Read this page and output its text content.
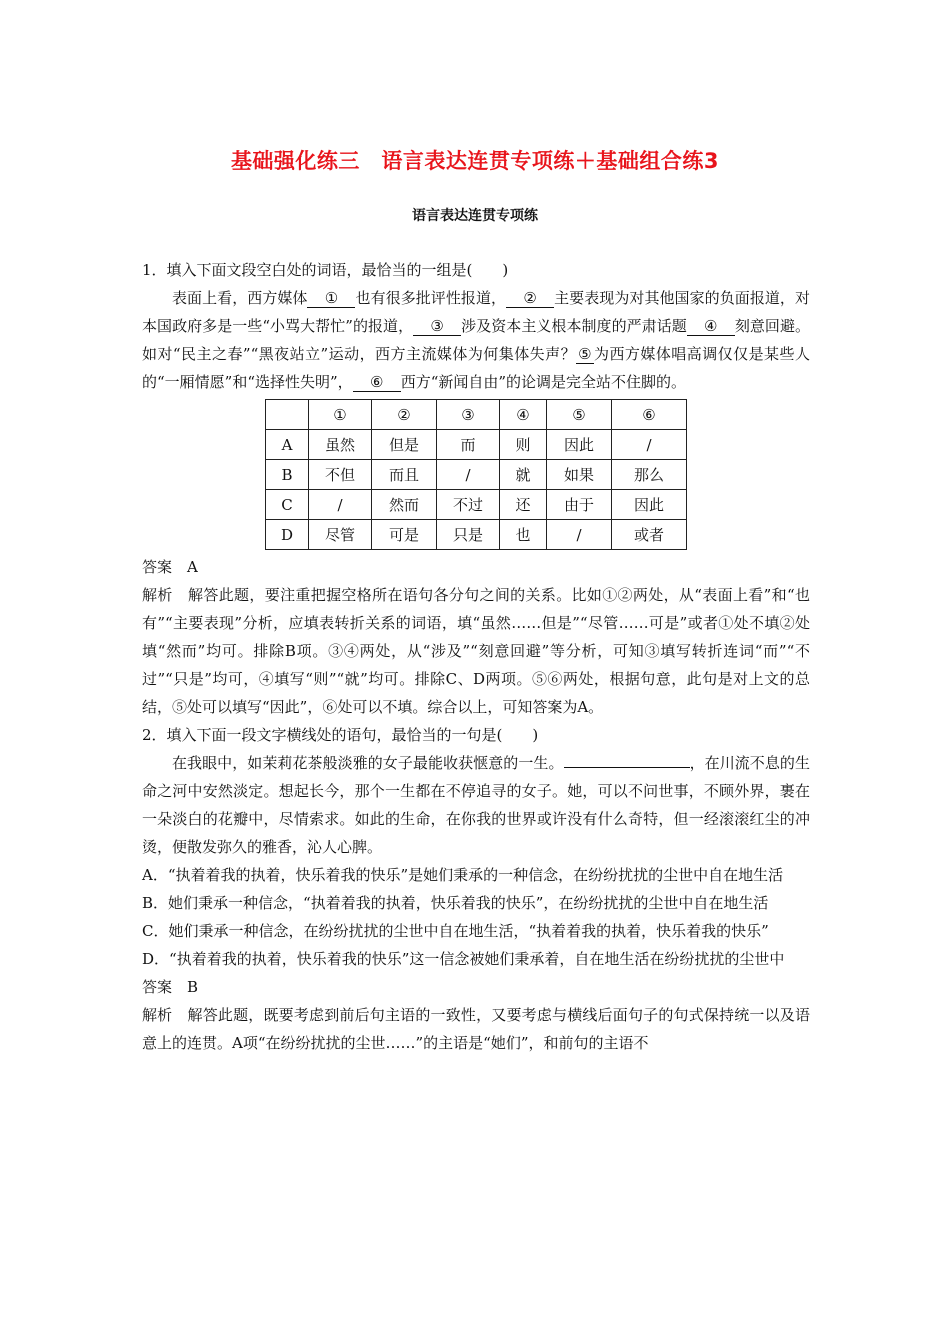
基础强化练三　语言表达连贯专项练＋基础组合练3
语言表达连贯专项练

1．填入下面文段空白处的词语，最恰当的一组是(　　)

表面上看，西方媒体 ① 也有很多批评性报道， ② 主要表现为对其他国家的负面报道，对本国政府多是一些“小骂大帮忙”的报道， ③ 涉及资本主义根本制度的严肃话题 ④ 刻意回避。如对“民主之春”“黑夜站立”运动，西方主流媒体为何集体失声？ ⑤ 为西方媒体唱高调仅仅是某些人的“一厢情愿”和“选择性失明”， ⑥ 西方“新闻自由”的论调是完全站不住脚的。

	①	②	③	④	⑤	⑥
A	虽然	但是	而	则	因此	/
B	不但	而且	/	就	如果	那么
C	/	然而	不过	还	由于	因此
D	尽管	可是	只是	也	/	或者

答案　A

解析　解答此题，要注重把握空格所在语句各分句之间的关系。比如①②两处，从“表面上看”和“也有”“主要表现”分析，应填表转折关系的词语，填“虽然……但是”“尽管……可是”或者①处不填②处填“然而”均可。排除B项。③④两处，从“涉及”“刻意回避”等分析，可知③填写转折连词“而”“不过”“只是”均可，④填写“则”“就”均可。排除C、D两项。⑤⑥两处，根据句意，此句是对上文的总结，⑤处可以填写“因此”，⑥处可以不填。综合以上，可知答案为A。

2．填入下面一段文字横线处的语句，最恰当的一句是(　　)

在我眼中，如茉莉花茶般淡雅的女子最能收获惬意的一生。	，在川流不息的生命之河中安然淡定。想起长今，那个一生都在不停追寻的女子。她，可以不问世事，不顾外界，裹在一朵淡白的花瓣中，尽情索求。如此的生命，在你我的世界或许没有什么奇特，但一经滚滚红尘的冲烫，便散发弥久的雅香，沁人心脾。

A．“执着着我的执着，快乐着我的快乐”是她们秉承的一种信念，在纷纷扰扰的尘世中自在地生活

B．她们秉承一种信念，“执着着我的执着，快乐着我的快乐”，在纷纷扰扰的尘世中自在地生活

C．她们秉承一种信念，在纷纷扰扰的尘世中自在地生活，“执着着我的执着，快乐着我的快乐”

D．“执着着我的执着，快乐着我的快乐”这一信念被她们秉承着，自在地生活在纷纷扰扰的尘世中

答案　B

解析　解答此题，既要考虑到前后句主语的一致性，又要考虑与横线后面句子的句式保持统一以及语意上的连贯。A项“在纷纷扰扰的尘世……”的主语是“她们”，和前句的主语不
